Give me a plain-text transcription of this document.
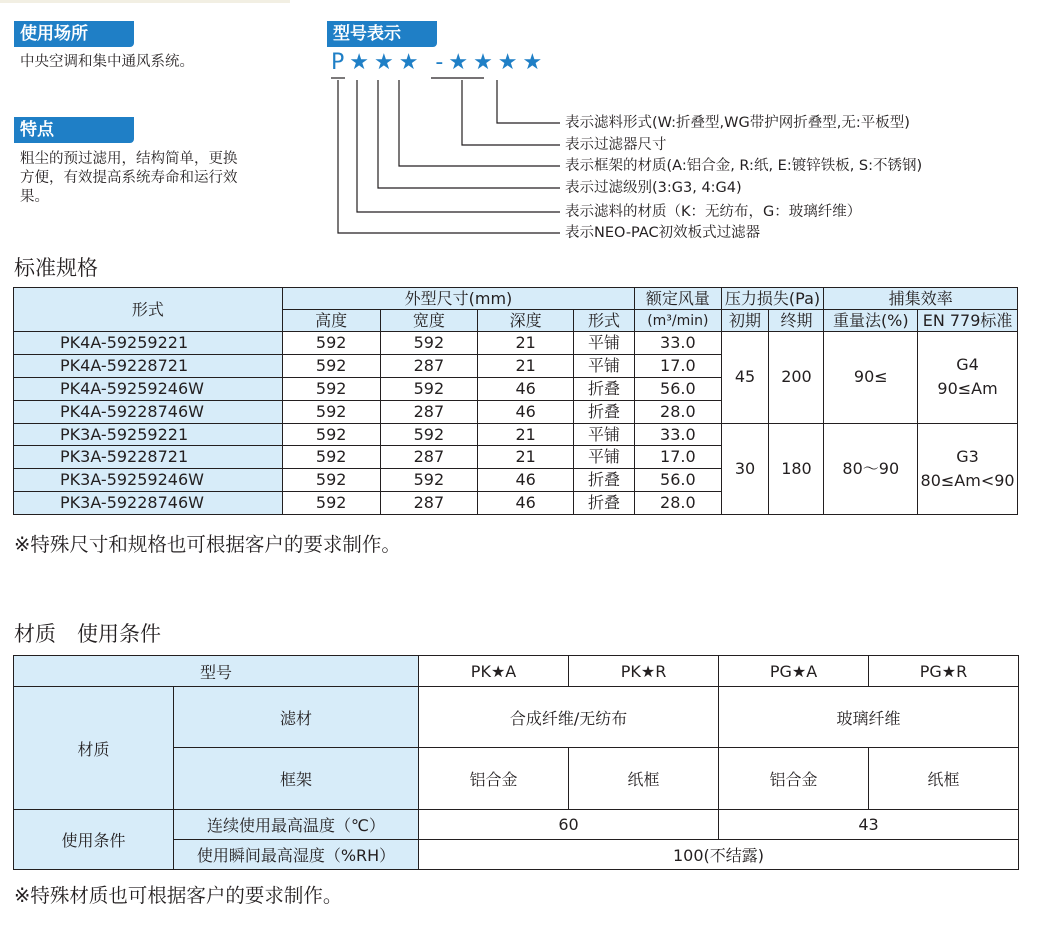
使用场所
中央空调和集中通风系统。
特点
粗尘的预过滤用，结构简单，更换
方便，有效提高系统寿命和运行效
果。
型号表示
P★★★ -★★★★
表示滤料形式(W:折叠型,WG带护网折叠型,无:平板型)
表示过滤器尺寸
表示框架的材质(A:铝合金, R:纸, E:镀锌铁板, S:不锈钢)
表示过滤级别(3:G3, 4:G4)
表示滤料的材质（K：无纺布，G：玻璃纤维）
表示NEO-PAC初效板式过滤器
标准规格
形式	外型尺寸(mm)				额定风量	压力损失(Pa)		捕集效率	
	高度	宽度	深度	形式	(m³/min)	初期	终期	重量法(%)	EN 779标准
PK4A-59259221	592	592	21	平铺	33.0	45	200	90≤	G4
90≤Am

PK4A-59228721	592	287	21	平铺	17.0				
PK4A-59259246W	592	592	46	折叠	56.0				
PK4A-59228746W	592	287	46	折叠	28.0				
PK3A-59259221	592	592	21	平铺	33.0	30	180	80～90	G3
80≤Am<90

PK3A-59228721	592	287	21	平铺	17.0				
PK3A-59259246W	592	592	46	折叠	56.0				
PK3A-59228746W	592	287	46	折叠	28.0				
※特殊尺寸和规格也可根据客户的要求制作。
材质　使用条件
型号		PK★A	PK★R	PG★A	PG★R
材质	滤材	合成纤维/无纺布		玻璃纤维	
	框架	铝合金	纸框	铝合金	纸框
使用条件	连续使用最高温度（℃）	60		43	
	使用瞬间最高湿度（%RH）	100(不结露)			
※特殊材质也可根据客户的要求制作。
